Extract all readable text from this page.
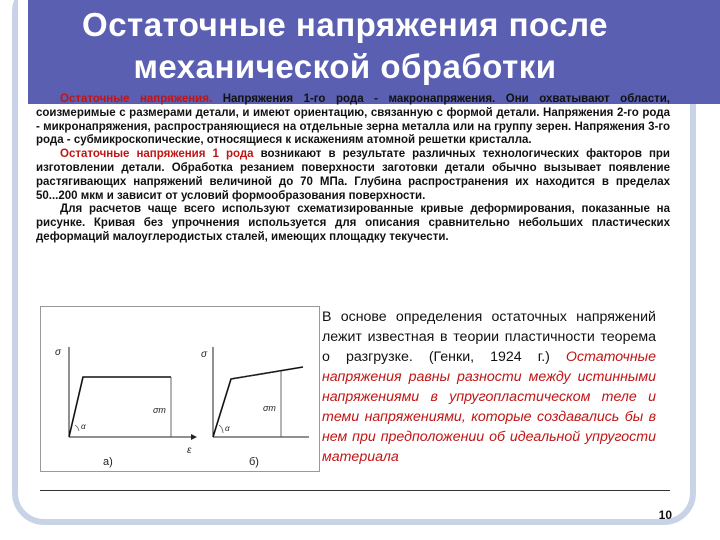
Остаточные напряжения после механической обработки

Остаточные напряжения. Напряжения 1-го рода - макронапряжения. Они охватывают области, соизмеримые с размерами детали, и имеют ориентацию, связанную с формой детали. Напряжения 2-го рода - микронапряжения, распространяющиеся на отдельные зерна металла или на группу зерен. Напряжения 3-го рода - субмикроскопические, относящиеся к искажениям атомной решетки кристалла.

Остаточные напряжения 1 рода возникают в результате различных технологических факторов при изготовлении детали. Обработка резанием поверхности заготовки детали обычно вызывает появление растягивающих напряжений величиной до 70 МПа. Глубина распространения их находится в пределах 50...200 мкм и зависит от условий формообразования поверхности.

Для расчетов чаще всего используют схематизированные кривые деформирования, показанные на рисунке. Кривая без упрочнения используется для описания сравнительно небольших пластических деформаций малоуглеродистых сталей, имеющих площадку текучести.

σ
σт
ε
α
σ
σт
α
а)	б)
В основе определения остаточных напряжений лежит известная в теории пластичности теорема о разгрузке. (Генки, 1924 г.) Остаточные напряжения равны разности между истинными напряжениями в упругопластическом теле и теми напряжениями, которые создавались бы в нем при предположении об идеальной упругости материала
10
